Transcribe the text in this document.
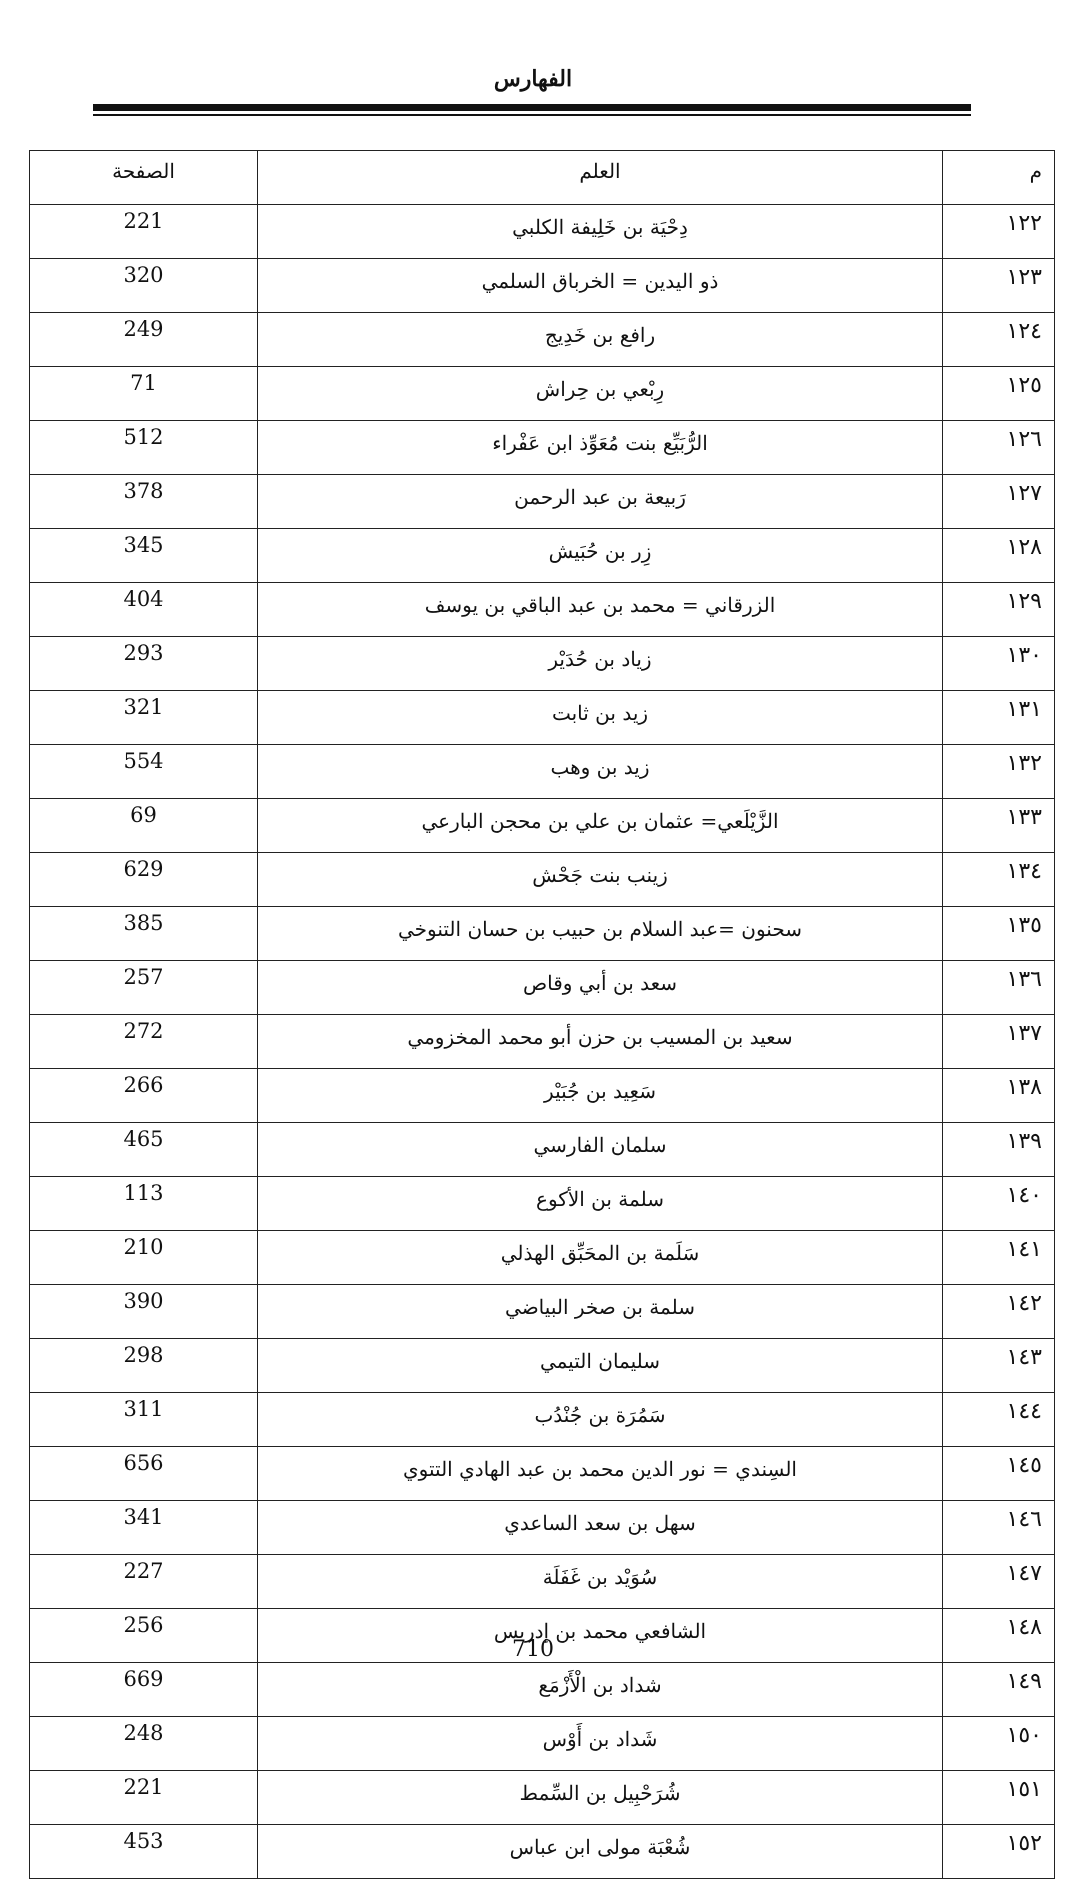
الفهارس
الصفحة	العلم	م
221	دِحْيَة بن خَلِيفة الكلبي	١٢٢
320	ذو اليدين = الخرباق السلمي	١٢٣
249	رافع بن خَدِيج	١٢٤
71	رِبْعي بن حِراش	١٢٥
512	الرُّبَيِّع بنت مُعَوِّذ ابن عَفْراء	١٢٦
378	رَبيعة بن عبد الرحمن	١٢٧
345	زِر بن حُبَيش	١٢٨
404	الزرقاني = محمد بن عبد الباقي بن يوسف	١٢٩
293	زياد بن حُدَيْر	١٣٠
321	زيد بن ثابت	١٣١
554	زيد بن وهب	١٣٢
69	الزَّيْلَعي= عثمان بن علي بن محجن البارعي	١٣٣
629	زينب بنت جَحْش	١٣٤
385	سحنون =عبد السلام بن حبيب بن حسان التنوخي	١٣٥
257	سعد بن أبي وقاص	١٣٦
272	سعيد بن المسيب بن حزن أبو محمد المخزومي	١٣٧
266	سَعِيد بن جُبَيْر	١٣٨
465	سلمان الفارسي	١٣٩
113	سلمة بن الأكوع	١٤٠
210	سَلَمة بن المحَبِّق الهذلي	١٤١
390	سلمة بن صخر البياضي	١٤٢
298	سليمان التيمي	١٤٣
311	سَمُرَة بن جُنْدُب	١٤٤
656	السِندي = نور الدين محمد بن عبد الهادي التتوي	١٤٥
341	سهل بن سعد الساعدي	١٤٦
227	سُوَيْد بن غَفَلَة	١٤٧
256	الشافعي محمد بن إدريس	١٤٨
669	شداد بن الْأَزْمَع	١٤٩
248	شَداد بن أَوْس	١٥٠
221	شُرَحْبِيل بن السِّمط	١٥١
453	شُعْبَة مولى ابن عباس	١٥٢
710
